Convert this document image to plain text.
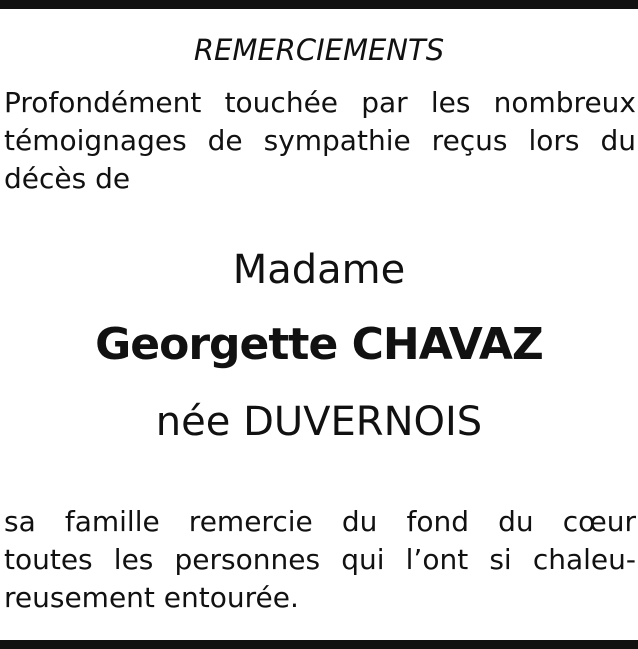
REMERCIEMENTS

Profondément touchée par les nombreux
témoignages de sympathie reçus lors du
décès de

Madame

Georgette CHAVAZ

née DUVERNOIS

sa famille remercie du fond du cœur
toutes les personnes qui l’ont si chaleu-
reusement entourée.
